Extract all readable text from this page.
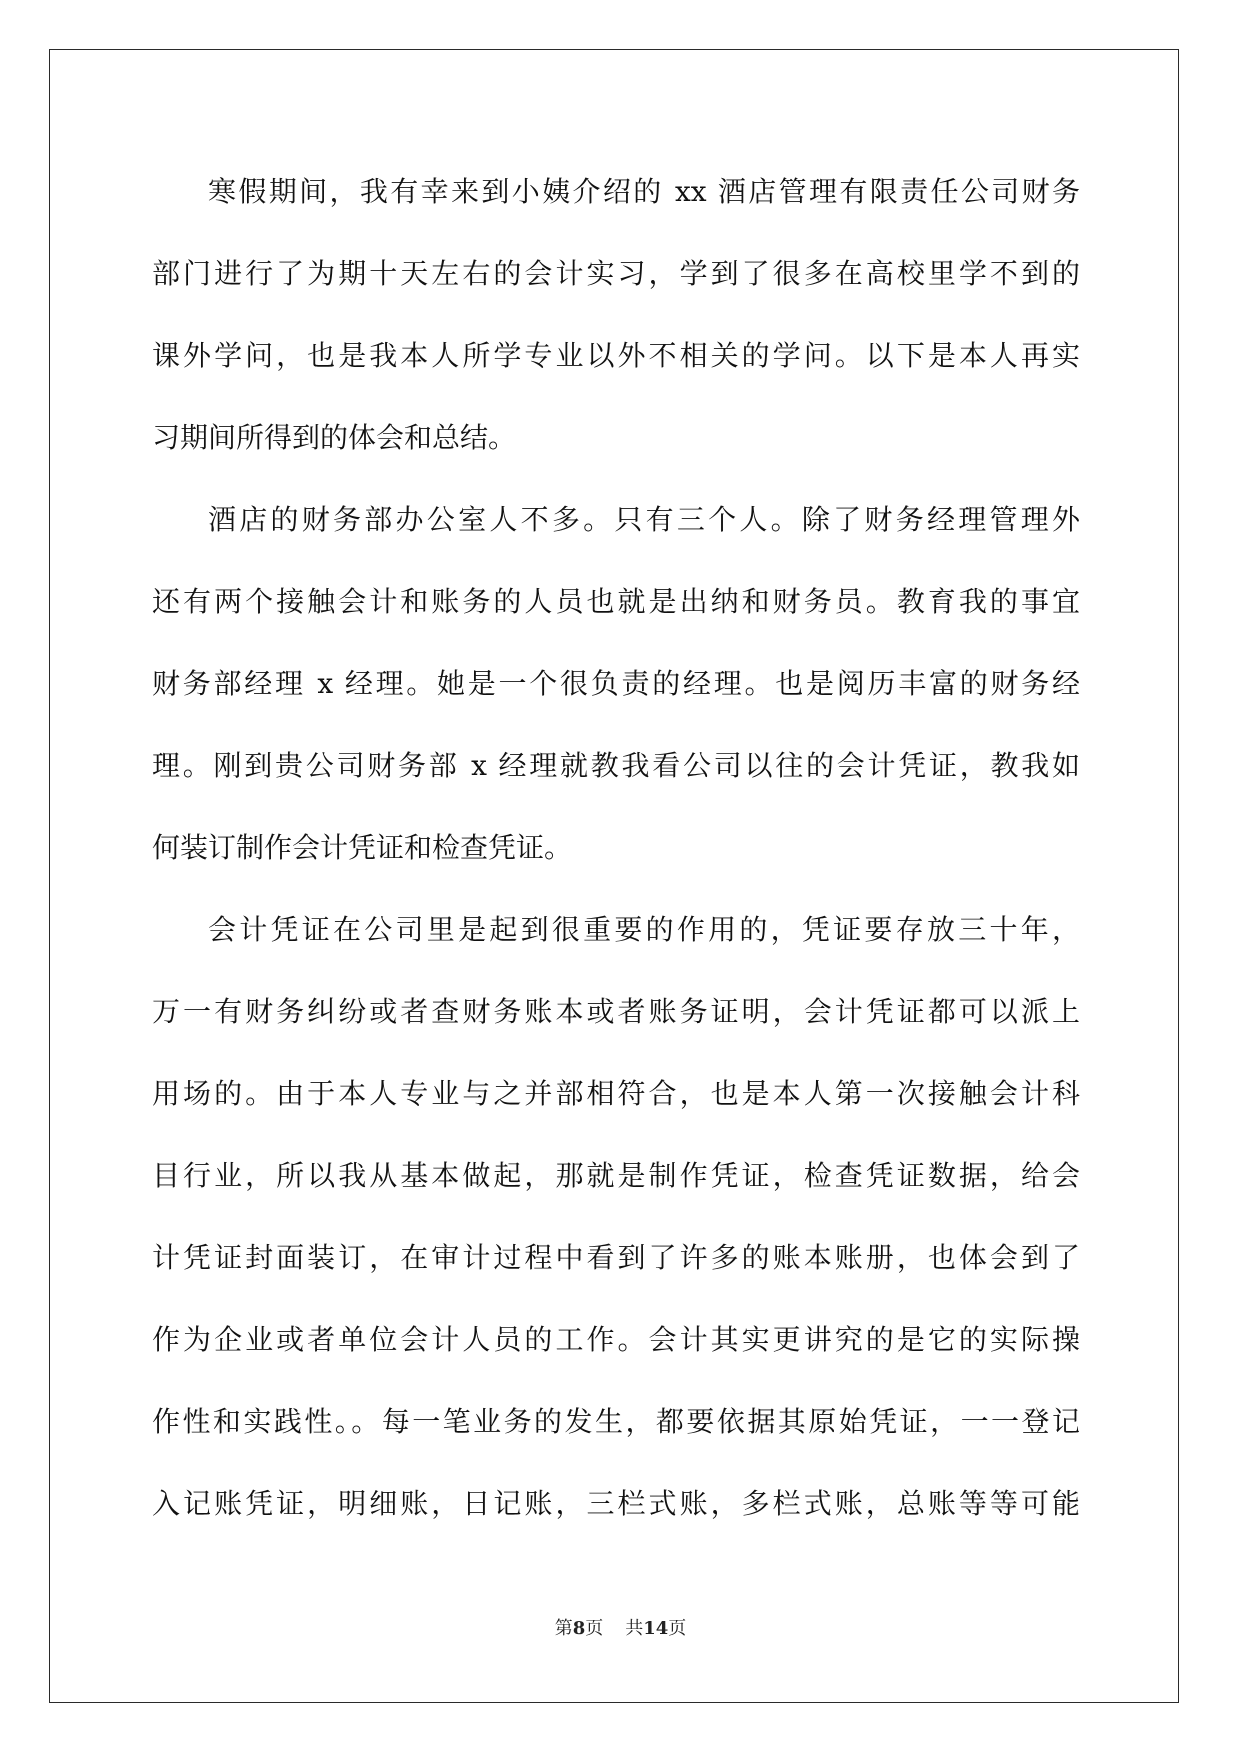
寒假期间，我有幸来到小姨介绍的 xx 酒店管理有限责任公司财务
部门进行了为期十天左右的会计实习，学到了很多在高校里学不到的
课外学问，也是我本人所学专业以外不相关的学问。以下是本人再实
习期间所得到的体会和总结。
酒店的财务部办公室人不多。只有三个人。除了财务经理管理外
还有两个接触会计和账务的人员也就是出纳和财务员。教育我的事宜
财务部经理 x 经理。她是一个很负责的经理。也是阅历丰富的财务经
理。刚到贵公司财务部 x 经理就教我看公司以往的会计凭证，教我如
何装订制作会计凭证和检查凭证。
会计凭证在公司里是起到很重要的作用的，凭证要存放三十年，
万一有财务纠纷或者查财务账本或者账务证明，会计凭证都可以派上
用场的。由于本人专业与之并部相符合，也是本人第一次接触会计科
目行业，所以我从基本做起，那就是制作凭证，检查凭证数据，给会
计凭证封面装订，在审计过程中看到了许多的账本账册，也体会到了
作为企业或者单位会计人员的工作。会计其实更讲究的是它的实际操
作性和实践性。。每一笔业务的发生，都要依据其原始凭证，一一登记
入记账凭证，明细账，日记账，三栏式账，多栏式账，总账等等可能
第8页 共14页
